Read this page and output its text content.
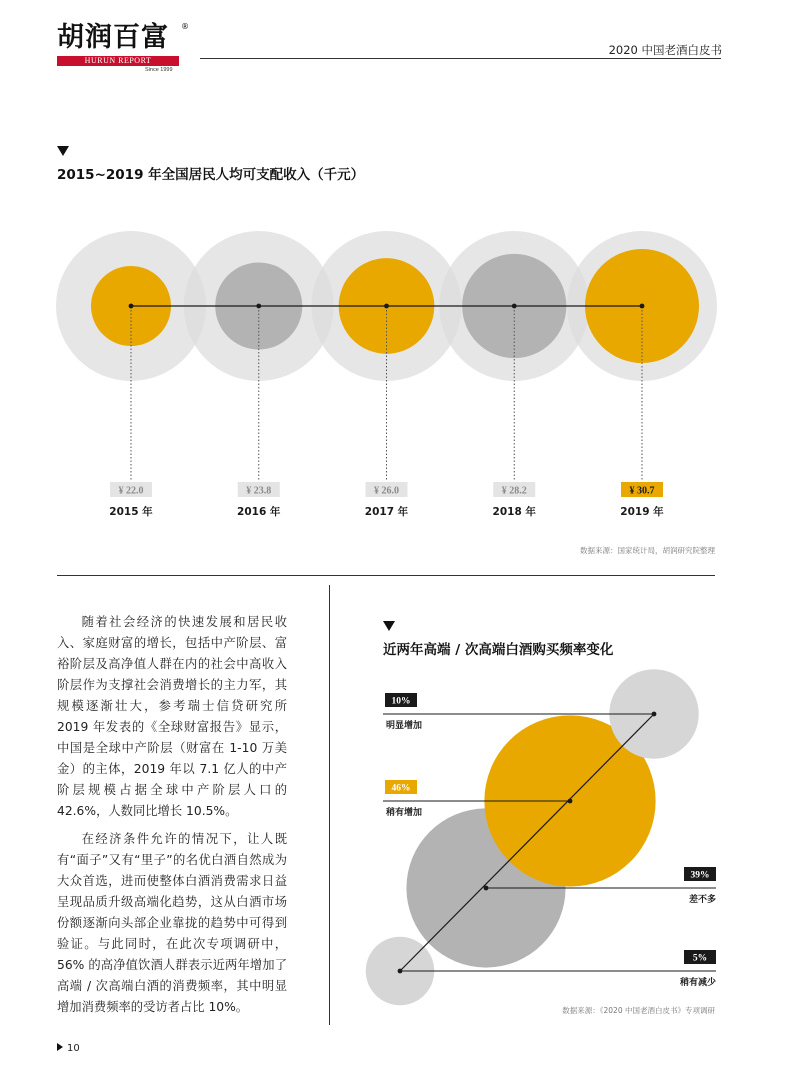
胡润百富 ®
HURUN REPORT
Since 1999
2020 中国老酒白皮书
2015~2019 年全国居民人均可支配收入（千元）
¥ 22.0
2015 年
¥ 23.8
2016 年
¥ 26.0
2017 年
¥ 28.2
2018 年
¥ 30.7
2019 年
数据来源：国家统计局，胡润研究院整理

随着社会经济的快速发展和居民收入、家庭财富的增长，包括中产阶层、富裕阶层及高净值人群在内的社会中高收入阶层作为支撑社会消费增长的主力军，其规模逐渐壮大，参考瑞士信贷研究所 2019 年发表的《全球财富报告》显示，中国是全球中产阶层（财富在 1-10 万美金）的主体，2019 年以 7.1 亿人的中产阶层规模占据全球中产阶层人口的 42.6%，人数同比增长 10.5%。

在经济条件允许的情况下，让人既有“面子”又有“里子”的名优白酒自然成为大众首选，进而使整体白酒消费需求日益呈现品质升级高端化趋势，这从白酒市场份额逐渐向头部企业靠拢的趋势中可得到验证。与此同时，在此次专项调研中，56% 的高净值饮酒人群表示近两年增加了高端 / 次高端白酒的消费频率，其中明显增加消费频率的受访者占比 10%。

近两年高端 / 次高端白酒购买频率变化
10%
明显增加
46%
稍有增加
39%
差不多
5%
稍有减少
数据来源：《2020 中国老酒白皮书》专项调研
10
